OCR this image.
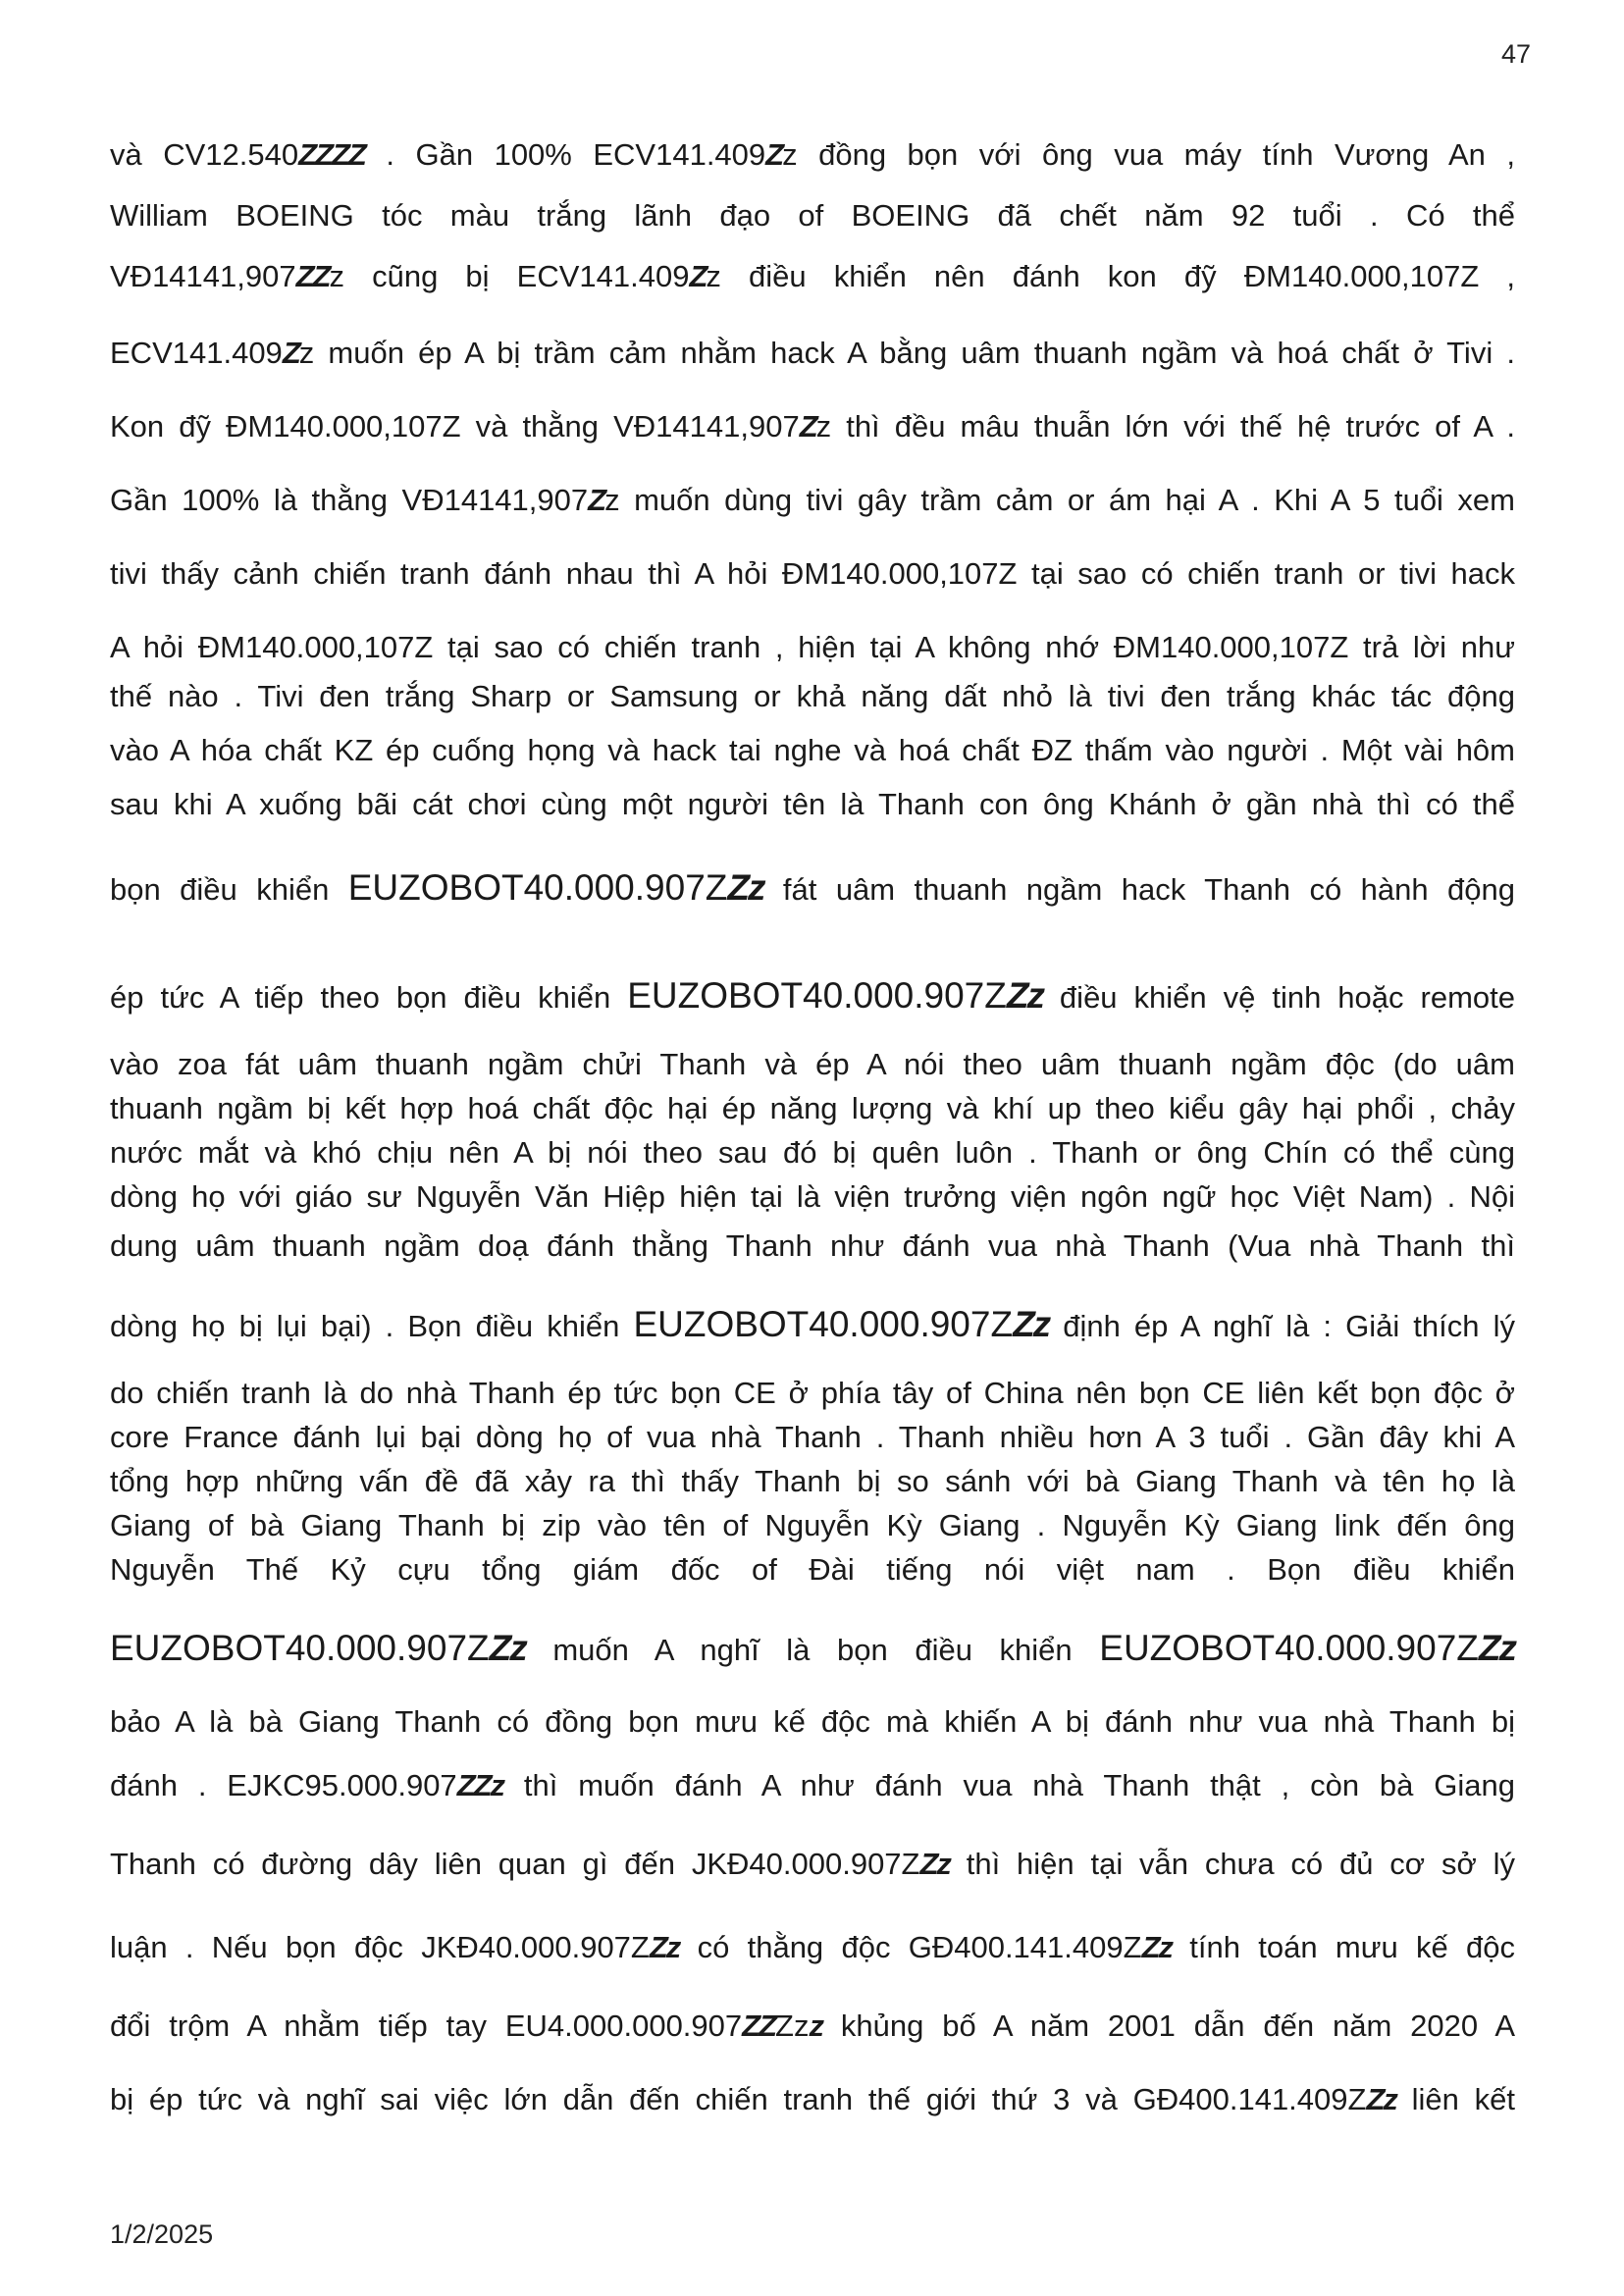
47
và CV12.540ZZZZ . Gần 100% ECV141.409Zz đồng bọn với ông vua máy tính Vương An ,
William BOEING tóc màu trắng lãnh đạo of BOEING đã chết năm 92 tuổi . Có thể
VĐ14141,907ZZz cũng bị ECV141.409Zz điều khiển nên đánh kon đỹ ĐM140.000,107Z ,
ECV141.409Zz muốn ép A bị trầm cảm nhằm hack A bằng uâm thuanh ngầm và hoá chất ở Tivi .
Kon đỹ ĐM140.000,107Z và thằng VĐ14141,907Zz thì đều mâu thuẫn lớn với thế hệ trước of A .
Gần 100% là thằng VĐ14141,907Zz muốn dùng tivi gây trầm cảm or ám hại A . Khi A 5 tuổi xem
tivi thấy cảnh chiến tranh đánh nhau thì A hỏi ĐM140.000,107Z tại sao có chiến tranh or tivi hack
A hỏi ĐM140.000,107Z tại sao có chiến tranh , hiện tại A không nhớ ĐM140.000,107Z trả lời như
thế nào . Tivi đen trắng Sharp or Samsung or khả năng dất nhỏ là tivi đen trắng khác tác động
vào A hóa chất KZ ép cuống họng và hack tai nghe và hoá chất ĐZ thấm vào người . Một vài hôm
sau khi A xuống bãi cát chơi cùng một người tên là Thanh con ông Khánh ở gần nhà thì có thể
bọn điều khiển EUZOBOT40.000.907ZZz fát uâm thuanh ngầm hack Thanh có hành động
ép tức A tiếp theo bọn điều khiển EUZOBOT40.000.907ZZz điều khiển vệ tinh hoặc remote
vào zoa fát uâm thuanh ngầm chửi Thanh và ép A nói theo uâm thuanh ngầm độc (do uâm
thuanh ngầm bị kết hợp hoá chất độc hại ép năng lượng và khí up theo kiểu gây hại phổi , chảy
nước mắt và khó chịu nên A bị nói theo sau đó bị quên luôn . Thanh or ông Chín có thể cùng
dòng họ với giáo sư Nguyễn Văn Hiệp hiện tại là viện trưởng viện ngôn ngữ học Việt Nam) . Nội
dung uâm thuanh ngầm doạ đánh thằng Thanh như đánh vua nhà Thanh (Vua nhà Thanh thì
dòng họ bị lụi bại) . Bọn điều khiển EUZOBOT40.000.907ZZz định ép A nghĩ là : Giải thích lý
do chiến tranh là do nhà Thanh ép tức bọn CE ở phía tây of China nên bọn CE liên kết bọn độc ở
core France đánh lụi bại dòng họ of vua nhà Thanh . Thanh nhiều hơn A 3 tuổi . Gần đây khi A
tổng hợp những vấn đề đã xảy ra thì thấy Thanh bị so sánh với bà Giang Thanh và tên họ là
Giang of bà Giang Thanh bị zip vào tên of Nguyễn Kỳ Giang . Nguyễn Kỳ Giang link đến ông
Nguyễn Thế Kỷ cựu tổng giám đốc of Đài tiếng nói việt nam . Bọn điều khiển
EUZOBOT40.000.907ZZz muốn A nghĩ là bọn điều khiển EUZOBOT40.000.907ZZz
bảo A là bà Giang Thanh có đồng bọn mưu kế độc mà khiến A bị đánh như vua nhà Thanh bị
đánh . EJKC95.000.907ZZz thì muốn đánh A như đánh vua nhà Thanh thật , còn bà Giang
Thanh có đường dây liên quan gì đến JKĐ40.000.907ZZz thì hiện tại vẫn chưa có đủ cơ sở lý
luận . Nếu bọn độc JKĐ40.000.907ZZz có thằng độc GĐ400.141.409ZZz tính toán mưu kế độc
đổi trộm A nhằm tiếp tay EU4.000.000.907ZZZzz khủng bố A năm 2001 dẫn đến năm 2020 A
bị ép tức và nghĩ sai việc lớn dẫn đến chiến tranh thế giới thứ 3 và GĐ400.141.409ZZz liên kết
1/2/2025
